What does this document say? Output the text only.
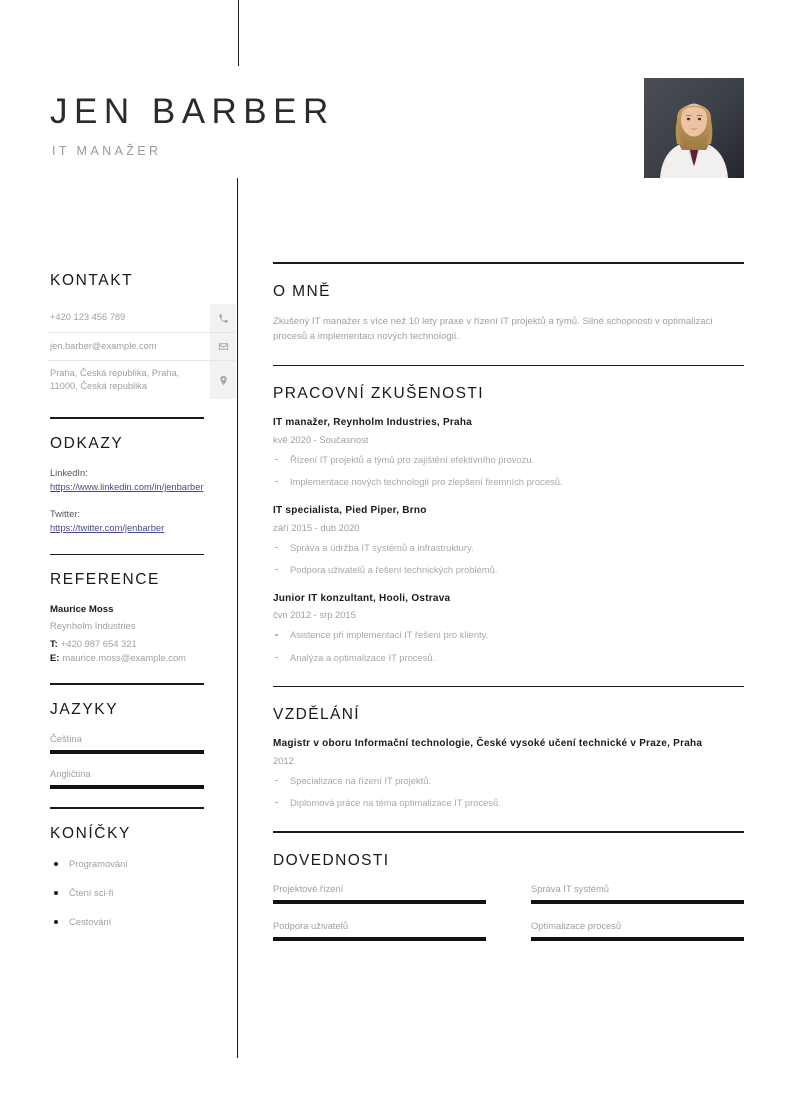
JEN BARBER
IT MANAŽER
KONTAKT
+420 123 456 789
jen.barber@example.com
Praha, Česká republika, Praha, 11000, Česká republika
ODKAZY
LinkedIn:
https://www.linkedin.com/in/jenbarber
Twitter:
https://twitter.com/jenbarber
REFERENCE
Maurice Moss
Reynholm Industries
T: +420 987 654 321
E: maurice.moss@example.com
JAZYKY
Čeština
Angličtina
KONÍČKY
Programování
Čtení sci-fi
Cestování
O MNĚ
Zkušený IT manažer s více než 10 lety praxe v řízení IT projektů a týmů. Silné schopnosti v optimalizaci procesů a implementaci nových technologií.
PRACOVNÍ ZKUŠENOSTI
IT manažer, Reynholm Industries, Praha
kvě 2020 - Současnost
Řízení IT projektů a týmů pro zajištění efektivního provozu.
Implementace nových technologií pro zlepšení firemních procesů.
IT specialista, Pied Piper, Brno
září 2015 - dub 2020
Správa a údržba IT systémů a infrastruktury.
Podpora uživatelů a řešení technických problémů.
Junior IT konzultant, Hooli, Ostrava
čvn 2012 - srp 2015
Asistence při implementaci IT řešení pro klienty.
Analýza a optimalizace IT procesů.
VZDĚLÁNÍ
Magistr v oboru Informační technologie, České vysoké učení technické v Praze, Praha
2012
Specializace na řízení IT projektů.
Diplomová práce na téma optimalizace IT procesů.
DOVEDNOSTI
Projektové řízení	Správa IT systémů
Podpora uživatelů	Optimalizace procesů
